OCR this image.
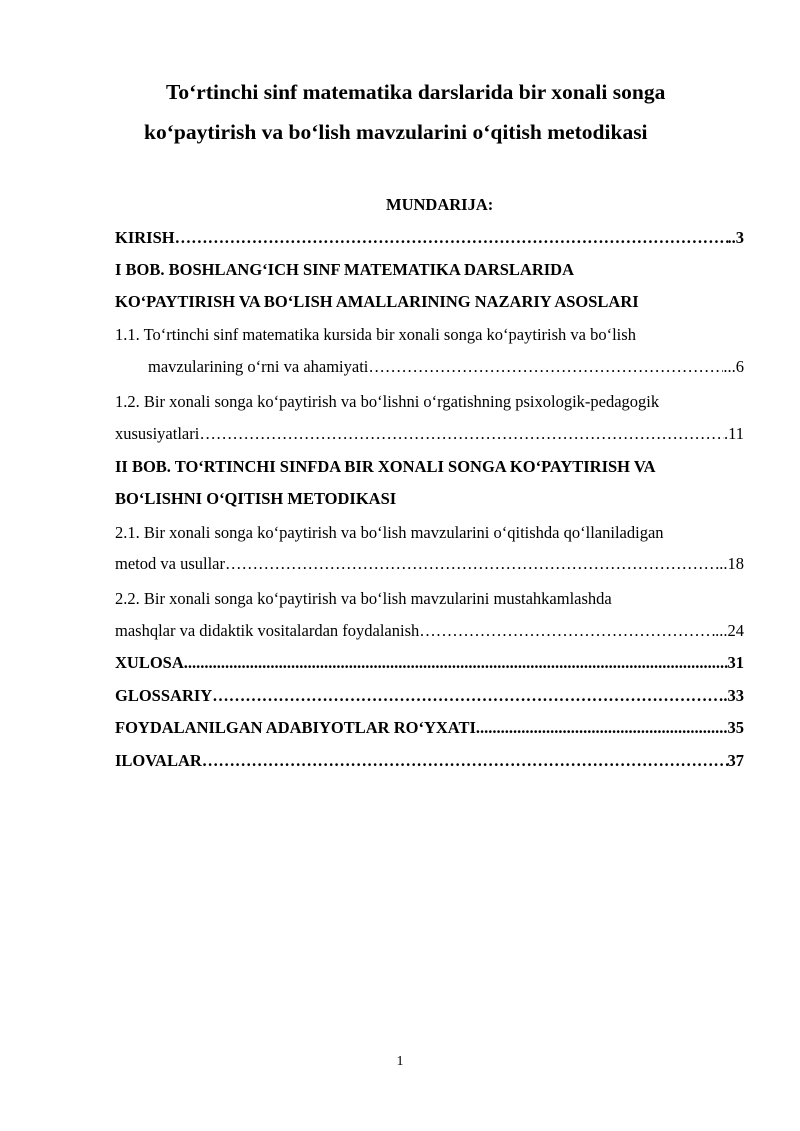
To‘rtinchi sinf matematika darslarida bir xonali songa
ko‘paytirish va bo‘lish mavzularini o‘qitish metodikasi
MUNDARIJA:
KIRISH …………………………………………………………………………………………………………………………………………………	..3
I BOB. BOSHLANG‘ICH SINF MATEMATIKA DARSLARIDA
KO‘PAYTIRISH VA BO‘LISH AMALLARINING NAZARIY ASOSLARI
1.1. To‘rtinchi sinf matematika kursida bir xonali songa ko‘paytirish va bo‘lish
mavzularining o‘rni va ahamiyati …………………………………………………………………………………………………………………………………………………	...6
1.2. Bir xonali songa ko‘paytirish va bo‘lishni o‘rgatishning psixologik-pedagogik
xususiyatlari …………………………………………………………………………………………………………………………………………………	.11
II BOB. TO‘RTINCHI SINFDA BIR XONALI SONGA KO‘PAYTIRISH VA
BO‘LISHNI O‘QITISH METODIKASI
2.1. Bir xonali songa ko‘paytirish va bo‘lish mavzularini o‘qitishda qo‘llaniladigan
metod va usullar …………………………………………………………………………………………………………………………………………………	..18
2.2. Bir xonali songa ko‘paytirish va bo‘lish mavzularini mustahkamlashda
mashqlar va didaktik vositalardan foydalanish …………………………………………………………………………………………………………………………………………………	...24
XULOSA .....	31
GLOSSARIY …………………………………………………………………………………………………………………………………………………	.33
FOYDALANILGAN ADABIYOTLAR RO‘YXATI .....	35
ILOVALAR …………………………………………………………………………………………………………………………………………………	37
1
